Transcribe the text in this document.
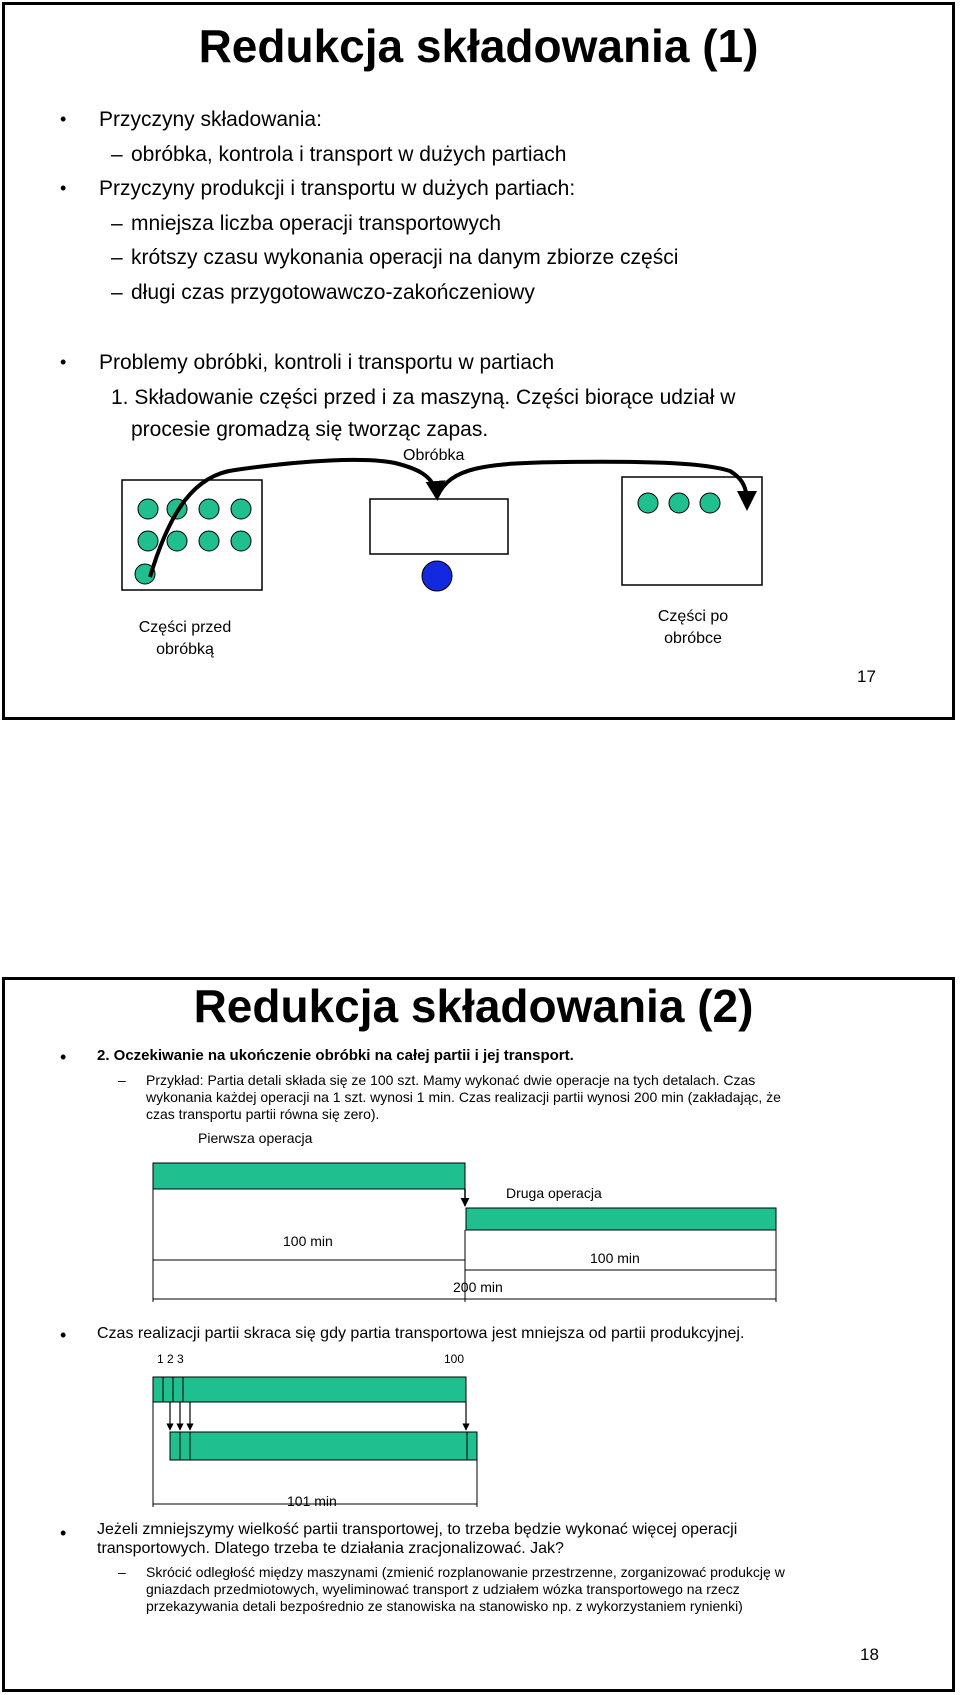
Redukcja składowania (1)
• Przyczyny składowania:
– obróbka, kontrola i transport w dużych partiach
• Przyczyny produkcji i transportu w dużych partiach:
– mniejsza liczba operacji transportowych
– krótszy czasu wykonania operacji na danym zbiorze części
– długi czas przygotowawczo-zakończeniowy
• Problemy obróbki, kontroli i transportu w partiach
1. Składowanie części przed i za maszyną. Części biorące udział w
procesie gromadzą się tworząc zapas.
Obróbka
Części przed
obróbką
Części po
obróbce
17
Redukcja składowania (2)
• 2. Oczekiwanie na ukończenie obróbki na całej partii i jej transport.
– Przykład: Partia detali składa się ze 100 szt. Mamy wykonać dwie operacje na tych detalach. Czas
wykonania każdej operacji na 1 szt. wynosi 1 min. Czas realizacji partii wynosi 200 min (zakładając, że
czas transportu partii równa się zero).
Pierwsza operacja
Druga operacja
100 min
100 min
200 min
• Czas realizacji partii skraca się gdy partia transportowa jest mniejsza od partii produkcyjnej.
1 2 3	100
101 min
• Jeżeli zmniejszymy wielkość partii transportowej, to trzeba będzie wykonać więcej operacji
transportowych. Dlatego trzeba te działania zracjonalizować. Jak?
– Skrócić odległość między maszynami (zmienić rozplanowanie przestrzenne, zorganizować produkcję w
gniazdach przedmiotowych, wyeliminować transport z udziałem wózka transportowego na rzecz
przekazywania detali bezpośrednio ze stanowiska na stanowisko np. z wykorzystaniem rynienki)
18
